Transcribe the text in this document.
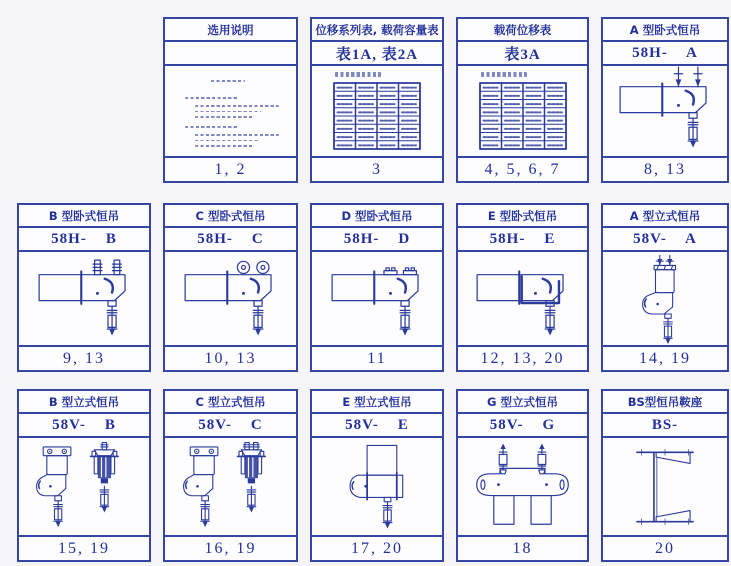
选用说明
1, 2
位移系列表, 载荷容量表
表1A, 表2A
3
载荷位移表
表3A
4, 5, 6, 7
A 型卧式恒吊
58H-    A
8, 13
B 型卧式恒吊
58H-    B
9, 13
C 型卧式恒吊
58H-    C
10, 13
D 型卧式恒吊
58H-    D
11
E 型卧式恒吊
58H-    E
12, 13, 20
A 型立式恒吊
58V-    A
14, 19
B 型立式恒吊
58V-    B
15, 19
C 型立式恒吊
58V-    C
16, 19
E 型立式恒吊
58V-    E
17, 20
G 型立式恒吊
58V-    G
18
BS型恒吊鞍座
BS-
20
